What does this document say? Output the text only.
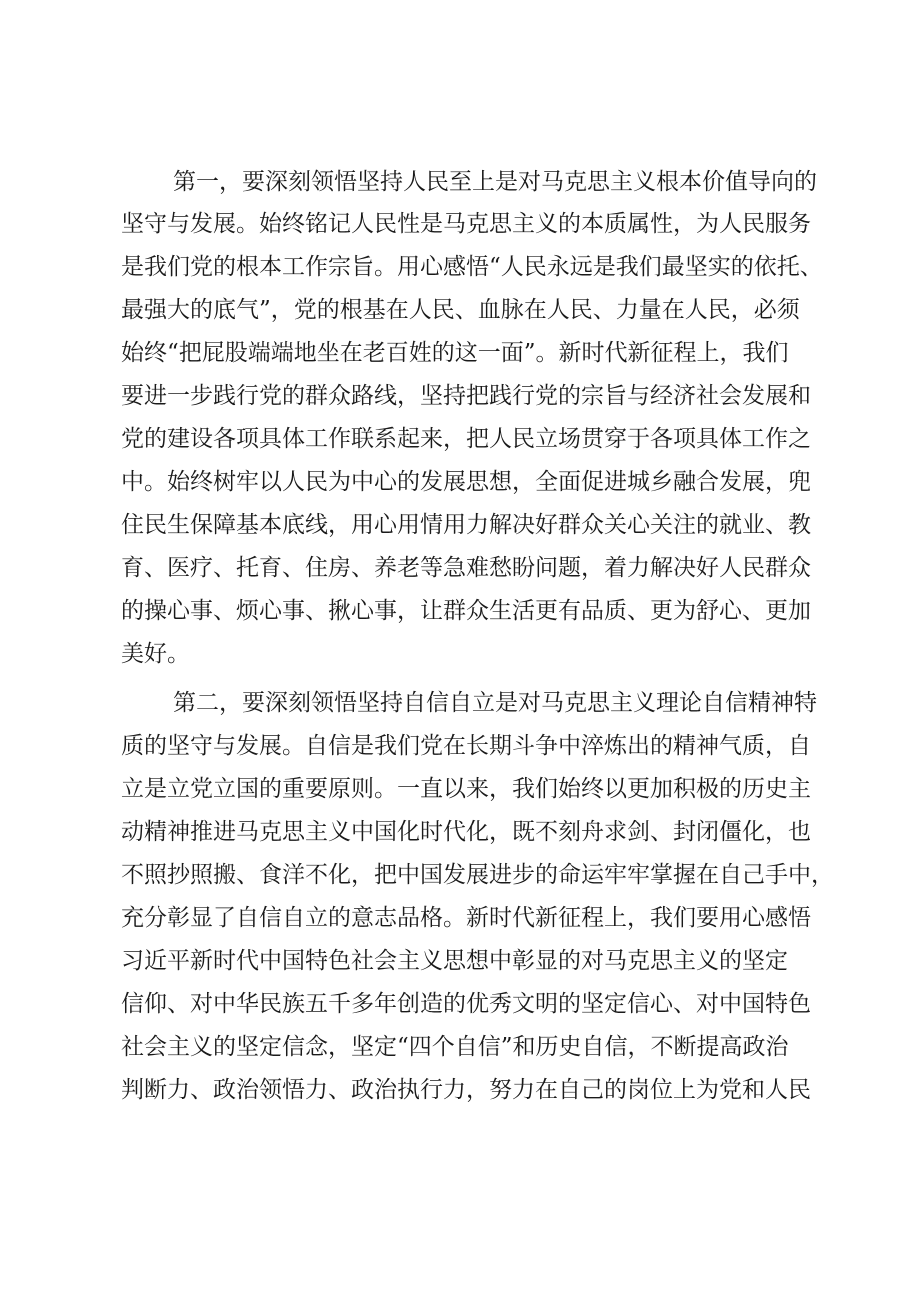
第一，要深刻领悟坚持人民至上是对马克思主义根本价值导向的
坚守与发展。始终铭记人民性是马克思主义的本质属性，为人民服务
是我们党的根本工作宗旨。用心感悟“人民永远是我们最坚实的依托、
最强大的底气”，党的根基在人民、血脉在人民、力量在人民，必须
始终“把屁股端端地坐在老百姓的这一面”。新时代新征程上，我们
要进一步践行党的群众路线，坚持把践行党的宗旨与经济社会发展和
党的建设各项具体工作联系起来，把人民立场贯穿于各项具体工作之
中。始终树牢以人民为中心的发展思想，全面促进城乡融合发展，兜
住民生保障基本底线，用心用情用力解决好群众关心关注的就业、教
育、医疗、托育、住房、养老等急难愁盼问题，着力解决好人民群众
的操心事、烦心事、揪心事，让群众生活更有品质、更为舒心、更加
美好。
第二，要深刻领悟坚持自信自立是对马克思主义理论自信精神特
质的坚守与发展。自信是我们党在长期斗争中淬炼出的精神气质，自
立是立党立国的重要原则。一直以来，我们始终以更加积极的历史主
动精神推进马克思主义中国化时代化，既不刻舟求剑、封闭僵化，也
不照抄照搬、食洋不化，把中国发展进步的命运牢牢掌握在自己手中，
充分彰显了自信自立的意志品格。新时代新征程上，我们要用心感悟
习近平新时代中国特色社会主义思想中彰显的对马克思主义的坚定
信仰、对中华民族五千多年创造的优秀文明的坚定信心、对中国特色
社会主义的坚定信念，坚定“四个自信”和历史自信，不断提高政治
判断力、政治领悟力、政治执行力，努力在自己的岗位上为党和人民
